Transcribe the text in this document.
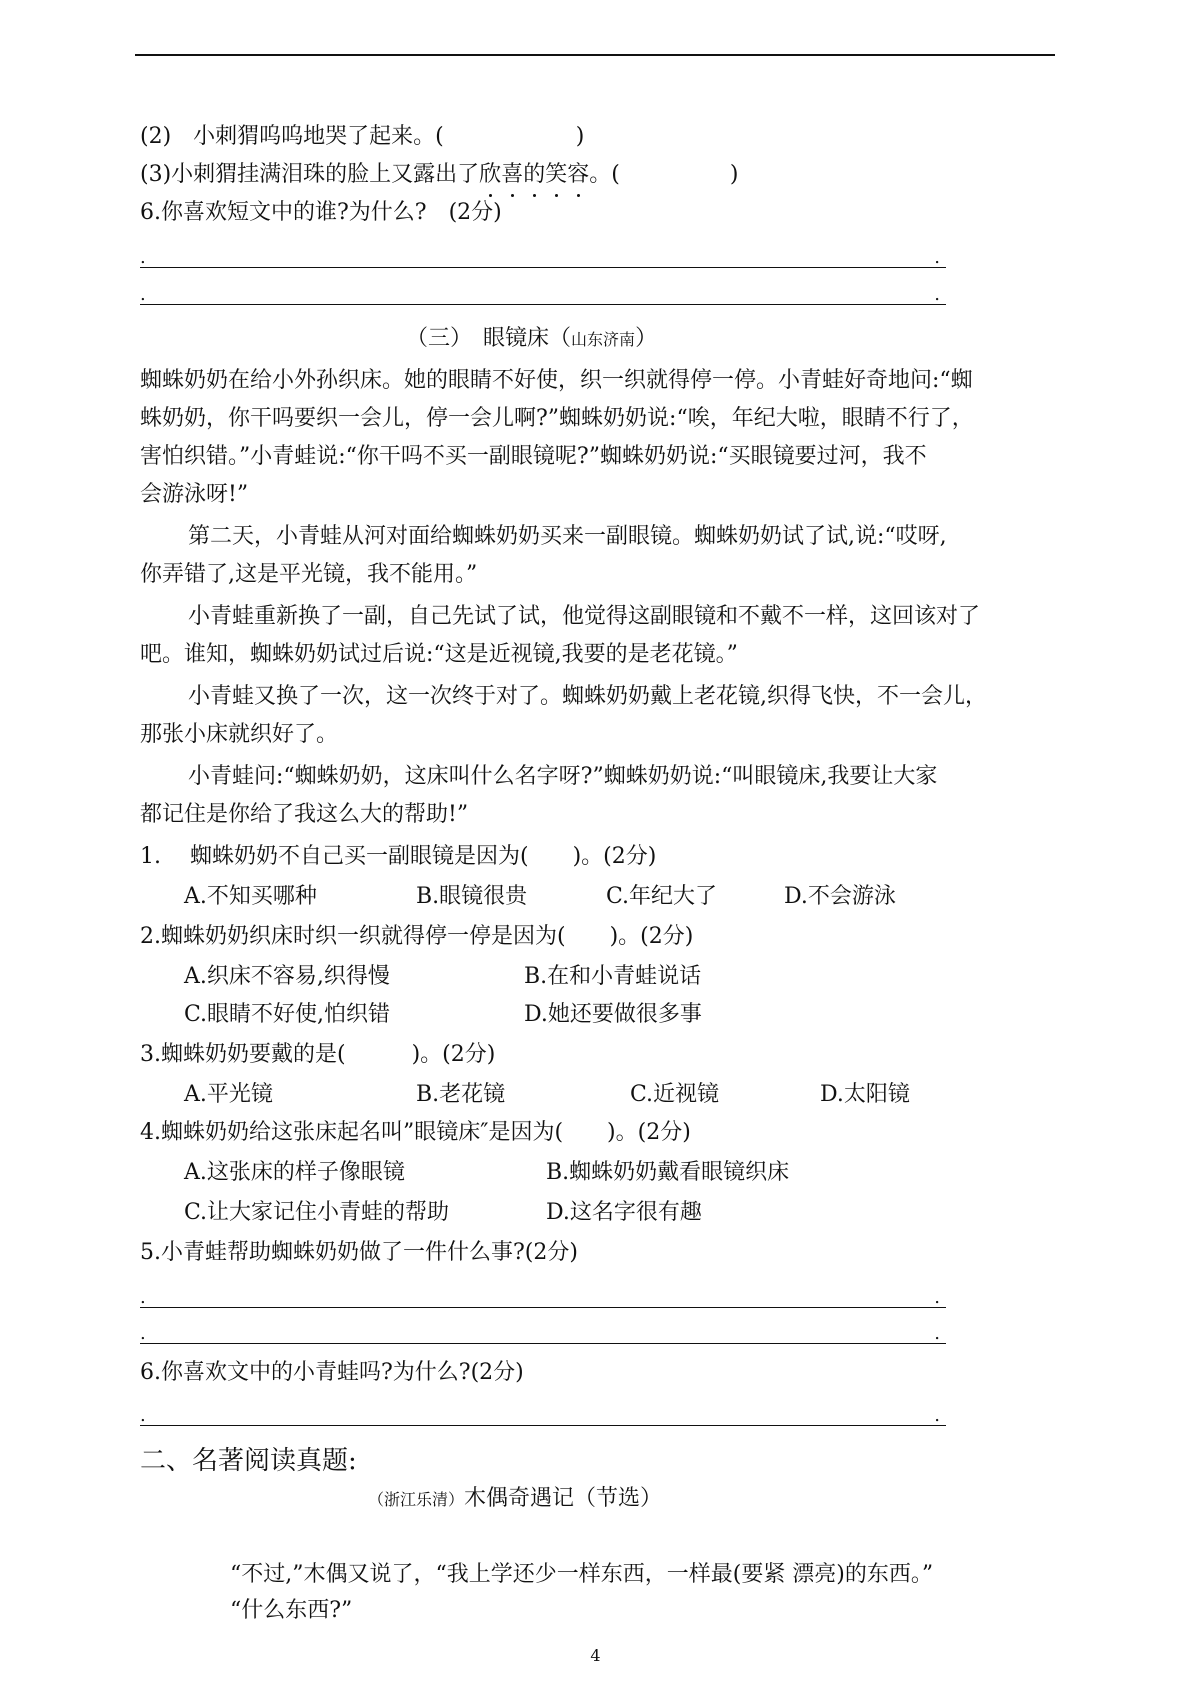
(2)　小刺猬呜呜地哭了起来。(　　　　　　)
(3)小刺猬挂满泪珠的脸上又露出了欣喜的笑容。(　　　　　)
6.你喜欢短文中的谁?为什么?　(2分)
.	.
.	.
（三）　 眼镜床（山东济南）
蜘蛛奶奶在给小外孙织床。她的眼睛不好使，织一织就得停一停。小青蛙好奇地问:“蜘
蛛奶奶，你干吗要织一会儿，停一会儿啊?”蜘蛛奶奶说:“唉，年纪大啦，眼睛不行了，
害怕织错。”小青蛙说:“你干吗不买一副眼镜呢?”蜘蛛奶奶说:“买眼镜要过河，我不
会游泳呀!”
第二天，小青蛙从河对面给蜘蛛奶奶买来一副眼镜。蜘蛛奶奶试了试,说:“哎呀,
你弄错了,这是平光镜，我不能用。”
小青蛙重新换了一副，自己先试了试，他觉得这副眼镜和不戴不一样，这回该对了
吧。谁知，蜘蛛奶奶试过后说:“这是近视镜,我要的是老花镜。”
小青蛙又换了一次，这一次终于对了。蜘蛛奶奶戴上老花镜,织得飞快，不一会儿，
那张小床就织好了。
小青蛙问:“蜘蛛奶奶，这床叫什么名字呀?”蜘蛛奶奶说:“叫眼镜床,我要让大家
都记住是你给了我这么大的帮助!”
1.　 蜘蛛奶奶不自己买一副眼镜是因为(　　)。(2分)
A.不知买哪种	B.眼镜很贵	C.年纪大了	D.不会游泳
2.蜘蛛奶奶织床时织一织就得停一停是因为(　　)。(2分)
A.织床不容易,织得慢	B.在和小青蛙说话
C.眼睛不好使,怕织错	D.她还要做很多事
3.蜘蛛奶奶要戴的是(　　　)。(2分)
A.平光镜	B.老花镜	C.近视镜	D.太阳镜
4.蜘蛛奶奶给这张床起名叫”眼镜床″是因为(　　)。(2分)
A.这张床的样子像眼镜	B.蜘蛛奶奶戴看眼镜织床
C.让大家记住小青蛙的帮助	D.这名字很有趣
5.小青蛙帮助蜘蛛奶奶做了一件什么事?(2分)
.	.
.	.
6.你喜欢文中的小青蛙吗?为什么?(2分)
.	.
二、名著阅读真题:
（浙江乐清）木偶奇遇记（节选）
“不过,”木偶又说了，“我上学还少一样东西，一样最(要紧 漂亮)的东西。”
“什么东西?”
4
